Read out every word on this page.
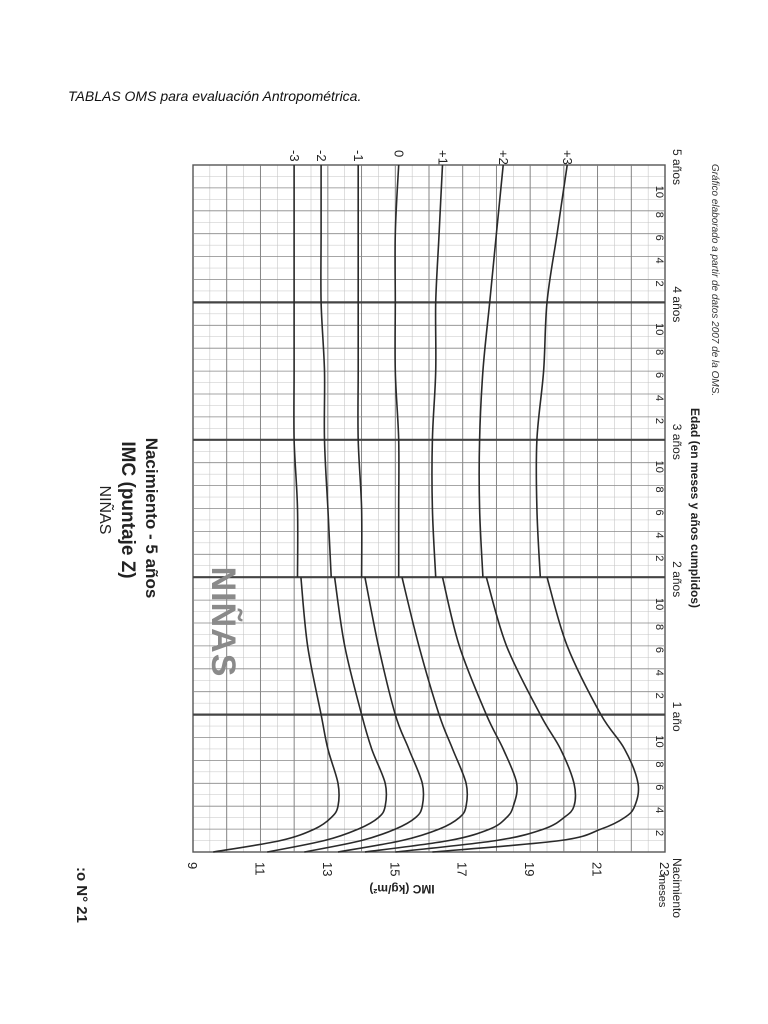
TABLAS OMS para evaluación Antropométrica.
+3
+2
+1
0
-1
-2
-3
9	11	13	15	17	19	21	23
IMC (kg/m²)
2
4
6
8
10
2
4
6
8
10
2
4
6
8
10
2
4
6
8
10
2
4
6
8
10
1 año
2 años
3 años
4 años
5 años
meses Nacimiento
Edad (en meses y años cumplidos)
NIÑAS IMC (puntaje Z) Nacimiento - 5 años
NIÑAS
:o N° 21
Gráfico elaborado a partir de datos 2007 de la OMS.
